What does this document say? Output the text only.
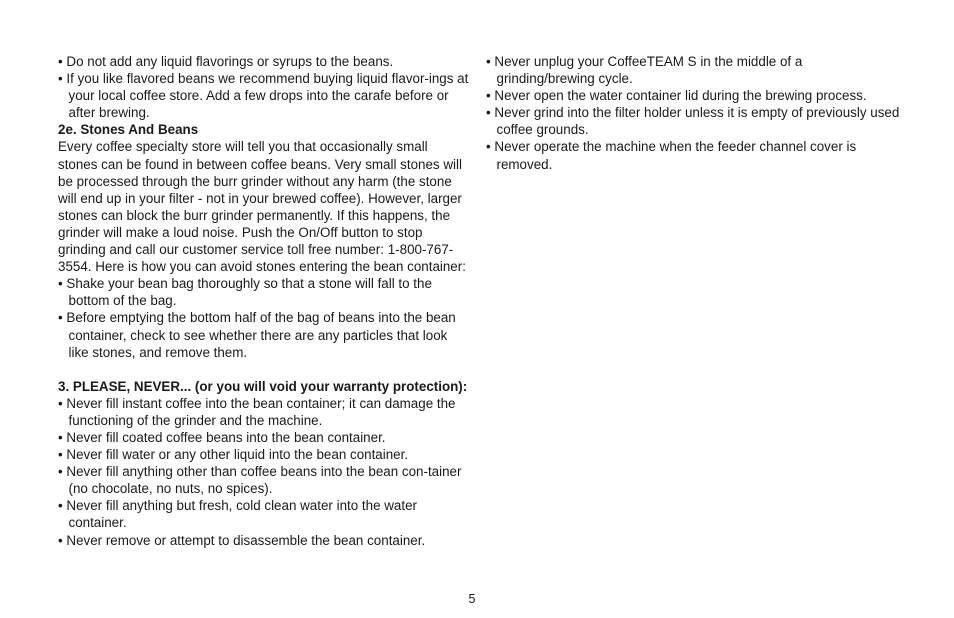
• Do not add any liquid flavorings or syrups to the beans.

• If you like flavored beans we recommend buying liquid flavor-ings at your local coffee store. Add a few drops into the carafe before or after brewing.

2e. Stones And Beans

Every coffee specialty store will tell you that occasionally small stones can be found in between coffee beans. Very small stones will be processed through the burr grinder without any harm (the stone will end up in your filter - not in your brewed coffee). However, larger stones can block the burr grinder permanently. If this happens, the grinder will make a loud noise. Push the On/Off button to stop grinding and call our customer service toll free number: 1-800-767-3554. Here is how you can avoid stones entering the bean container:

• Shake your bean bag thoroughly so that a stone will fall to the bottom of the bag.

• Before emptying the bottom half of the bag of beans into the bean container, check to see whether there are any particles that look like stones, and remove them.

3. PLEASE, NEVER... (or you will void your warranty protection):

• Never fill instant coffee into the bean container; it can damage the functioning of the grinder and the machine.

• Never fill coated coffee beans into the bean container.

• Never fill water or any other liquid into the bean container.

• Never fill anything other than coffee beans into the bean con-tainer (no chocolate, no nuts, no spices).

• Never fill anything but fresh, cold clean water into the water container.

• Never remove or attempt to disassemble the bean container.

• Never unplug your CoffeeTEAM S in the middle of a grinding/brewing cycle.

• Never open the water container lid during the brewing process.

• Never grind into the filter holder unless it is empty of previously used coffee grounds.

• Never operate the machine when the feeder channel cover is removed.

5
